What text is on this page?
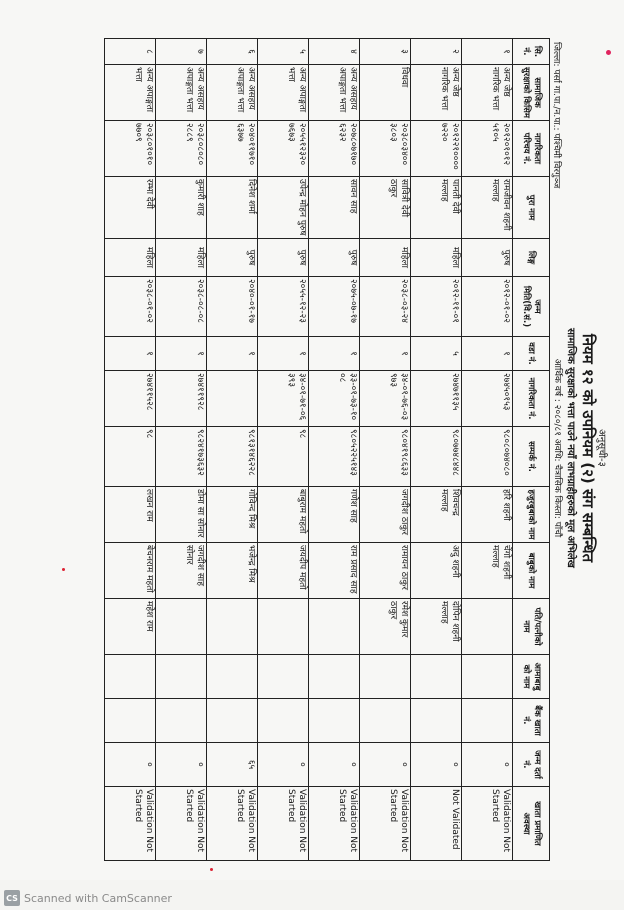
अनुसूची-३
नियम १२ को उपनियम (२) संग सम्बन्धित
सामाजिक सुरक्षाको भत्ता पाउने नयाँ लाभग्राहीहरुको मूल अभिलेख
आर्थिक वर्ष : २०८०/८१ अवधि: चैत्रासिक किस्ता: पाँचौ
जिल्ला: पर्सा गा.पा./न.पा.: पश्चिमी विरगुञ्ज
सि. नं.	सामाजिक सुरक्षाको किसिम	नागरिकता परिचय नं.	पुरा नाम	लिङ्ग	जन्म मिति(वि.सं.)	वडा नं.	नागरिकता नं.	सम्पर्क नं.	हजुरबुबाको नाम	बाबुको नाम	पति/पत्नीको नाम	आमाबाबु को नाम	बैंक खाता नं.	जन्म दर्ता नं.	खाता प्रमाणित अवस्था
१	अन्य जेष्ठ नागरिक भत्ता	२०१२०१०१२ ५१०५	रामजीवन शहनी मल्लाह	पुरुष	२०१२-०१-०२	१	२७४५०१५३	९८०८०७४०८०	हरि शहनी	चेंगो शहनी मल्लाह				०	Validation Not Started
२	अन्य जेष्ठ नागरिक भत्ता	२०१२२१०००० ७२२०	पानती देवी मल्लाह	महिला	२०१२-११-०१	५	२७४७११३५	९८०७७४८४४८	शिवचन्द्र मल्लाह	अदु शहनी	दोपिन शहनी मल्लाह			०	Not Validated
३	विधवा	२०३८०३४०० ३८०३	सावित्री देवी ठाकुर	महिला	२०३८-०३-२४	१	३४-०१-७६-०३९७३	९८०४१९८६३३	जगदीश ठाकुर	रामायन ठाकुर	रमेश कुमार ठाकुर			०	Validation Not Started
४	अन्य असहाय अपाङ्गता भत्ता	२०७८०७१७० ६२३२	सावन साह	पुरुष	२०७५-०७-१७	१	३३-०१-७३-१००८	९८०५२२५१४३	गणेश साह	राम प्रसाद साह				०	Validation Not Started
५	अन्य अपाङ्गता भत्ता	२०५५१२३२० ७६७३	उपेन्द्र मोहन पुरुष	पुरुष	२०५५-१२-२३	१	३४-०१-७१-०६३९३	९८	बाबुराम महतो	जयदीप महतो				०	Validation Not Started
६	अन्य असहाय अपाङ्गता भत्ता	२०४०११७१० ६३७७	दिनेश शर्मा	पुरुष	२०४०-०१-१७	१		९८१३१४६२२८	गोविन्द मिश्र	भजेन्द्र मिश्र				६५	Validation Not Started
७	अन्य असहाय अपाङ्गता भत्ता	२०३८०८०८० २८८९	कुमारी शाह	महिला	२०३८-०८-०८	१	२७४११९२८	९८२४१७३६३२	डोमा सा सोनार	जगदीश साह सोनार				०	Validation Not Started
८	अन्य अपाङ्गता भत्ता	२०३८०१०१० ७७०९	रम्भा देवी	महिला	२०३८-०१-०२	१	२७४११५२८	९८	लखन राम	बेचनराम महतो	महेश राम			०	Validation Not Started
CS Scanned with CamScanner
